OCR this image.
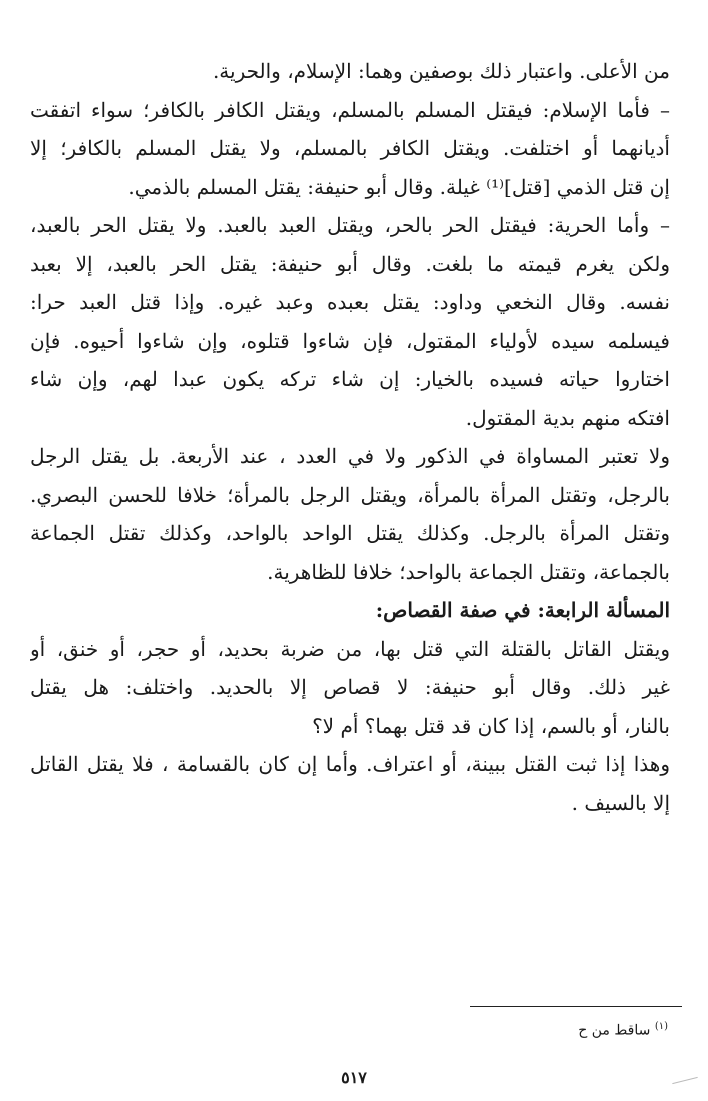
من الأعلى. واعتبار ذلك بوصفين وهما: الإسلام، والحرية.
– فأما الإسلام: فيقتل المسلم بالمسلم، ويقتل الكافر بالكافر؛ سواء اتفقت
أديانهما أو اختلفت. ويقتل الكافر بالمسلم، ولا يقتل المسلم بالكافر؛ إلا
إن قتل الذمي [قتل]⁽¹⁾ غيلة. وقال أبو حنيفة: يقتل المسلم بالذمي.
– وأما الحرية: فيقتل الحر بالحر، ويقتل العبد بالعبد. ولا يقتل الحر بالعبد،
ولكن يغرم قيمته ما بلغت. وقال أبو حنيفة: يقتل الحر بالعبد، إلا بعبد
نفسه. وقال النخعي وداود: يقتل بعبده وعبد غيره. وإذا قتل العبد حرا:
فيسلمه سيده لأولياء المقتول، فإن شاءوا قتلوه، وإن شاءوا أحيوه. فإن
اختاروا حياته فسيده بالخيار: إن شاء تركه يكون عبدا لهم، وإن شاء
افتكه منهم بدية المقتول.
ولا تعتبر المساواة في الذكور ولا في العدد ، عند الأربعة. بل يقتل الرجل
بالرجل، وتقتل المرأة بالمرأة، ويقتل الرجل بالمرأة؛ خلافا للحسن البصري.
وتقتل المرأة بالرجل. وكذلك يقتل الواحد بالواحد، وكذلك تقتل الجماعة
بالجماعة، وتقتل الجماعة بالواحد؛ خلافا للظاهرية.
المسألة الرابعة: في صفة القصاص:
ويقتل القاتل بالقتلة التي قتل بها، من ضربة بحديد، أو حجر، أو خنق، أو
غير ذلك. وقال أبو حنيفة: لا قصاص إلا بالحديد. واختلف: هل يقتل
بالنار، أو بالسم، إذا كان قد قتل بهما؟ أم لا؟
وهذا إذا ثبت القتل ببينة، أو اعتراف. وأما إن كان بالقسامة ، فلا يقتل القاتل
إلا بالسيف .
$^{(١)}$ ساقط من ح
٥١٧
